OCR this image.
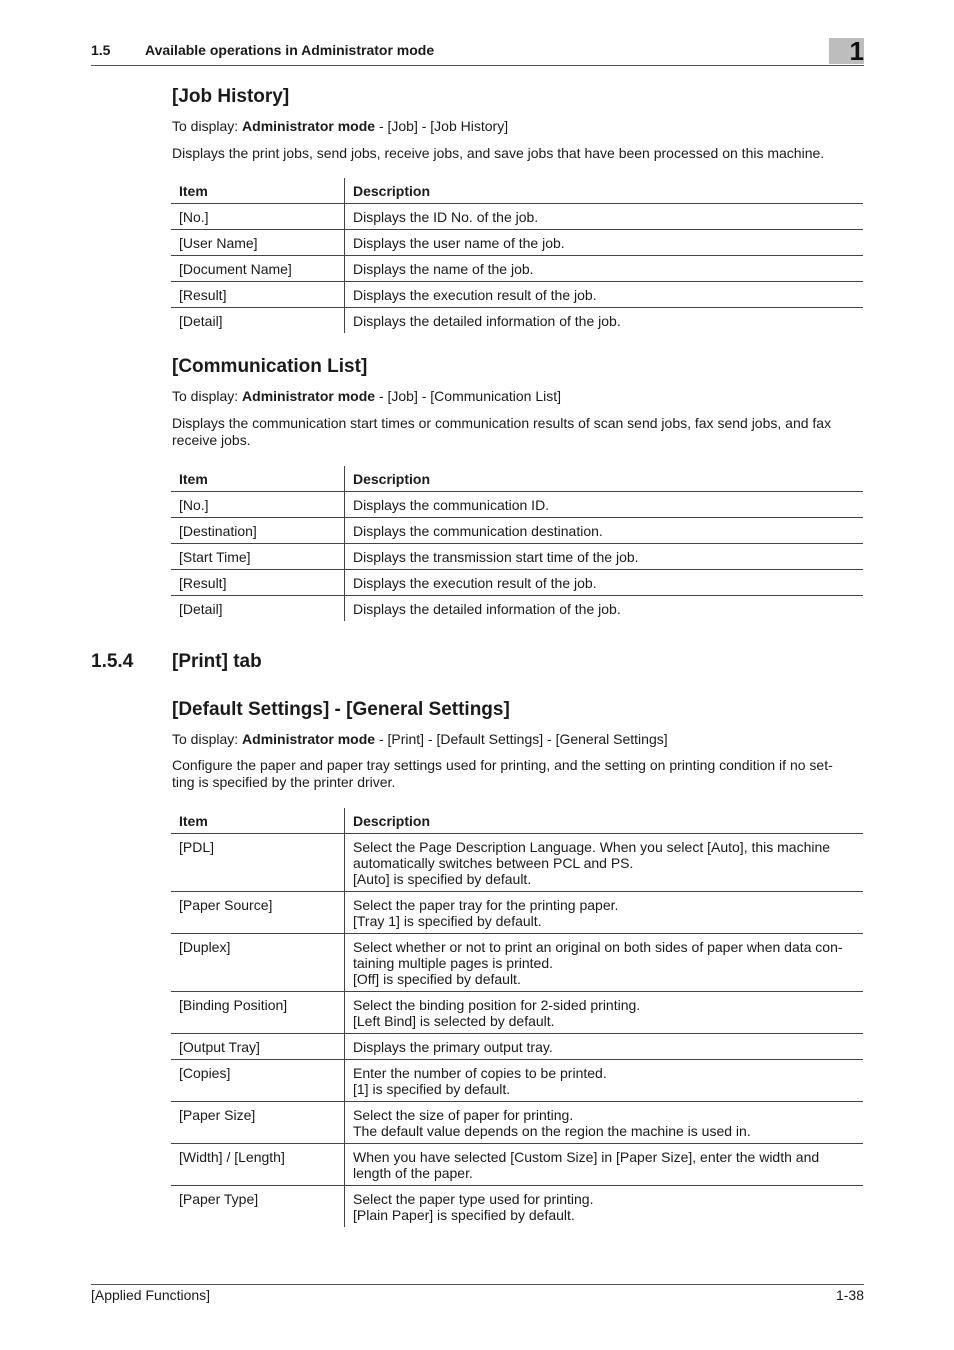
1.5 Available operations in Administrator mode	1
[Job History]
To display: Administrator mode - [Job] - [Job History]
Displays the print jobs, send jobs, receive jobs, and save jobs that have been processed on this machine.
Item	Description
[No.]	Displays the ID No. of the job.
[User Name]	Displays the user name of the job.
[Document Name]	Displays the name of the job.
[Result]	Displays the execution result of the job.
[Detail]	Displays the detailed information of the job.
[Communication List]
To display: Administrator mode - [Job] - [Communication List]
Displays the communication start times or communication results of scan send jobs, fax send jobs, and fax receive jobs.
Item	Description
[No.]	Displays the communication ID.
[Destination]	Displays the communication destination.
[Start Time]	Displays the transmission start time of the job.
[Result]	Displays the execution result of the job.
[Detail]	Displays the detailed information of the job.
1.5.4 [Print] tab
[Default Settings] - [General Settings]
To display: Administrator mode - [Print] - [Default Settings] - [General Settings]
Configure the paper and paper tray settings used for printing, and the setting on printing condition if no set-
ting is specified by the printer driver.
Item	Description
[PDL]	Select the Page Description Language. When you select [Auto], this machine
automatically switches between PCL and PS.
[Auto] is specified by default.

[Paper Source]	Select the paper tray for the printing paper.
[Tray 1] is specified by default.

[Duplex]	Select whether or not to print an original on both sides of paper when data con-
taining multiple pages is printed.
[Off] is specified by default.

[Binding Position]	Select the binding position for 2-sided printing.
[Left Bind] is selected by default.

[Output Tray]	Displays the primary output tray.

[Copies]	Enter the number of copies to be printed.
[1] is specified by default.

[Paper Size]	Select the size of paper for printing.
The default value depends on the region the machine is used in.

[Width] / [Length]	When you have selected [Custom Size] in [Paper Size], enter the width and
length of the paper.

[Paper Type]	Select the paper type used for printing.
[Plain Paper] is specified by default.
[Applied Functions]	1-38
